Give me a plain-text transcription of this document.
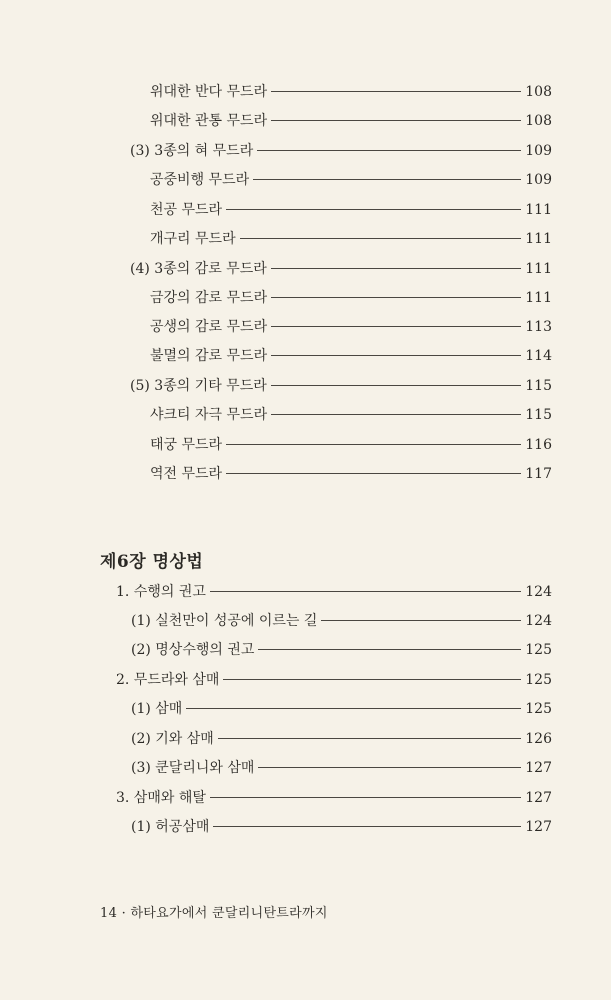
위대한 반다 무드라	108
위대한 관통 무드라	108
(3) 3종의 혀 무드라	109
공중비행 무드라	109
천공 무드라	111
개구리 무드라	111
(4) 3종의 감로 무드라	111
금강의 감로 무드라	111
공생의 감로 무드라	113
불멸의 감로 무드라	114
(5) 3종의 기타 무드라	115
샤크티 자극 무드라	115
태궁 무드라	116
역전 무드라	117
제6장 명상법
1. 수행의 권고	124
(1) 실천만이 성공에 이르는 길	124
(2) 명상수행의 권고	125
2. 무드라와 삼매	125
(1) 삼매	125
(2) 기와 삼매	126
(3) 쿤달리니와 삼매	127
3. 삼매와 해탈	127
(1) 허공삼매	127
14 · 하타요가에서 쿤달리니탄트라까지
